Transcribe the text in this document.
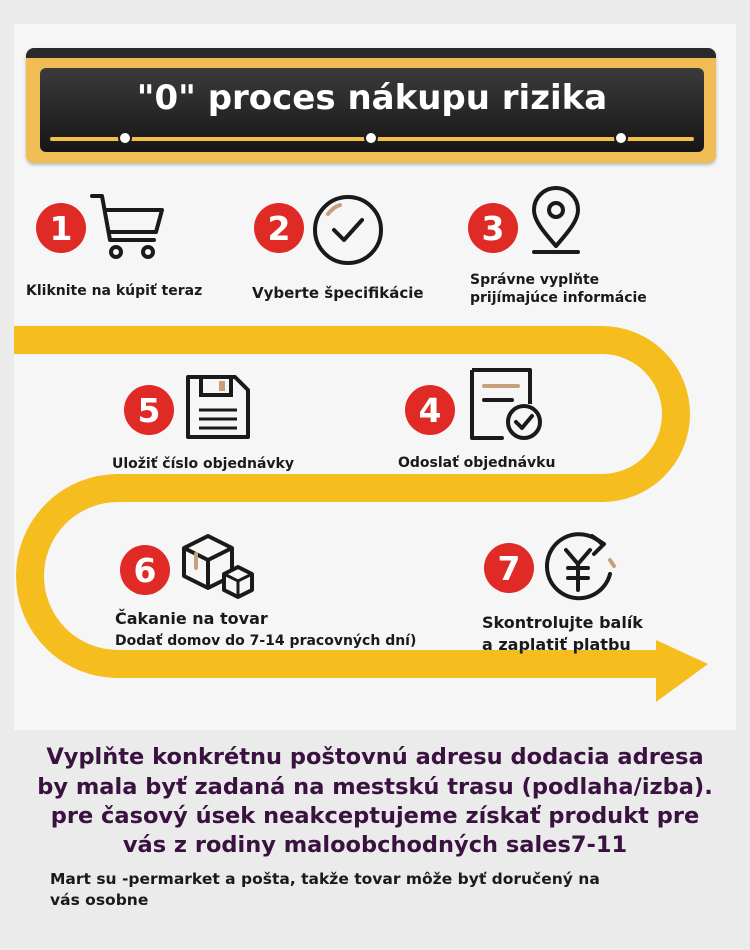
"0" proces nákupu rizika
1
Kliknite na kúpiť teraz
2
Vyberte špecifikácie
3
Správne vyplňte
prijímajúce informácie
5
Uložiť číslo objednávky
4
Odoslať objednávku
6
Čakanie na tovar
Dodať domov do 7-14 pracovných dní)
7
Skontrolujte balík
a zaplatiť platbu
Vyplňte konkrétnu poštovnú adresu dodacia adresa
by mala byť zadaná na mestskú trasu (podlaha/izba).
pre časový úsek neakceptujeme získať produkt pre
vás z rodiny maloobchodných sales7-11
Mart su -permarket a pošta, takže tovar môže byť doručený na
vás osobne
